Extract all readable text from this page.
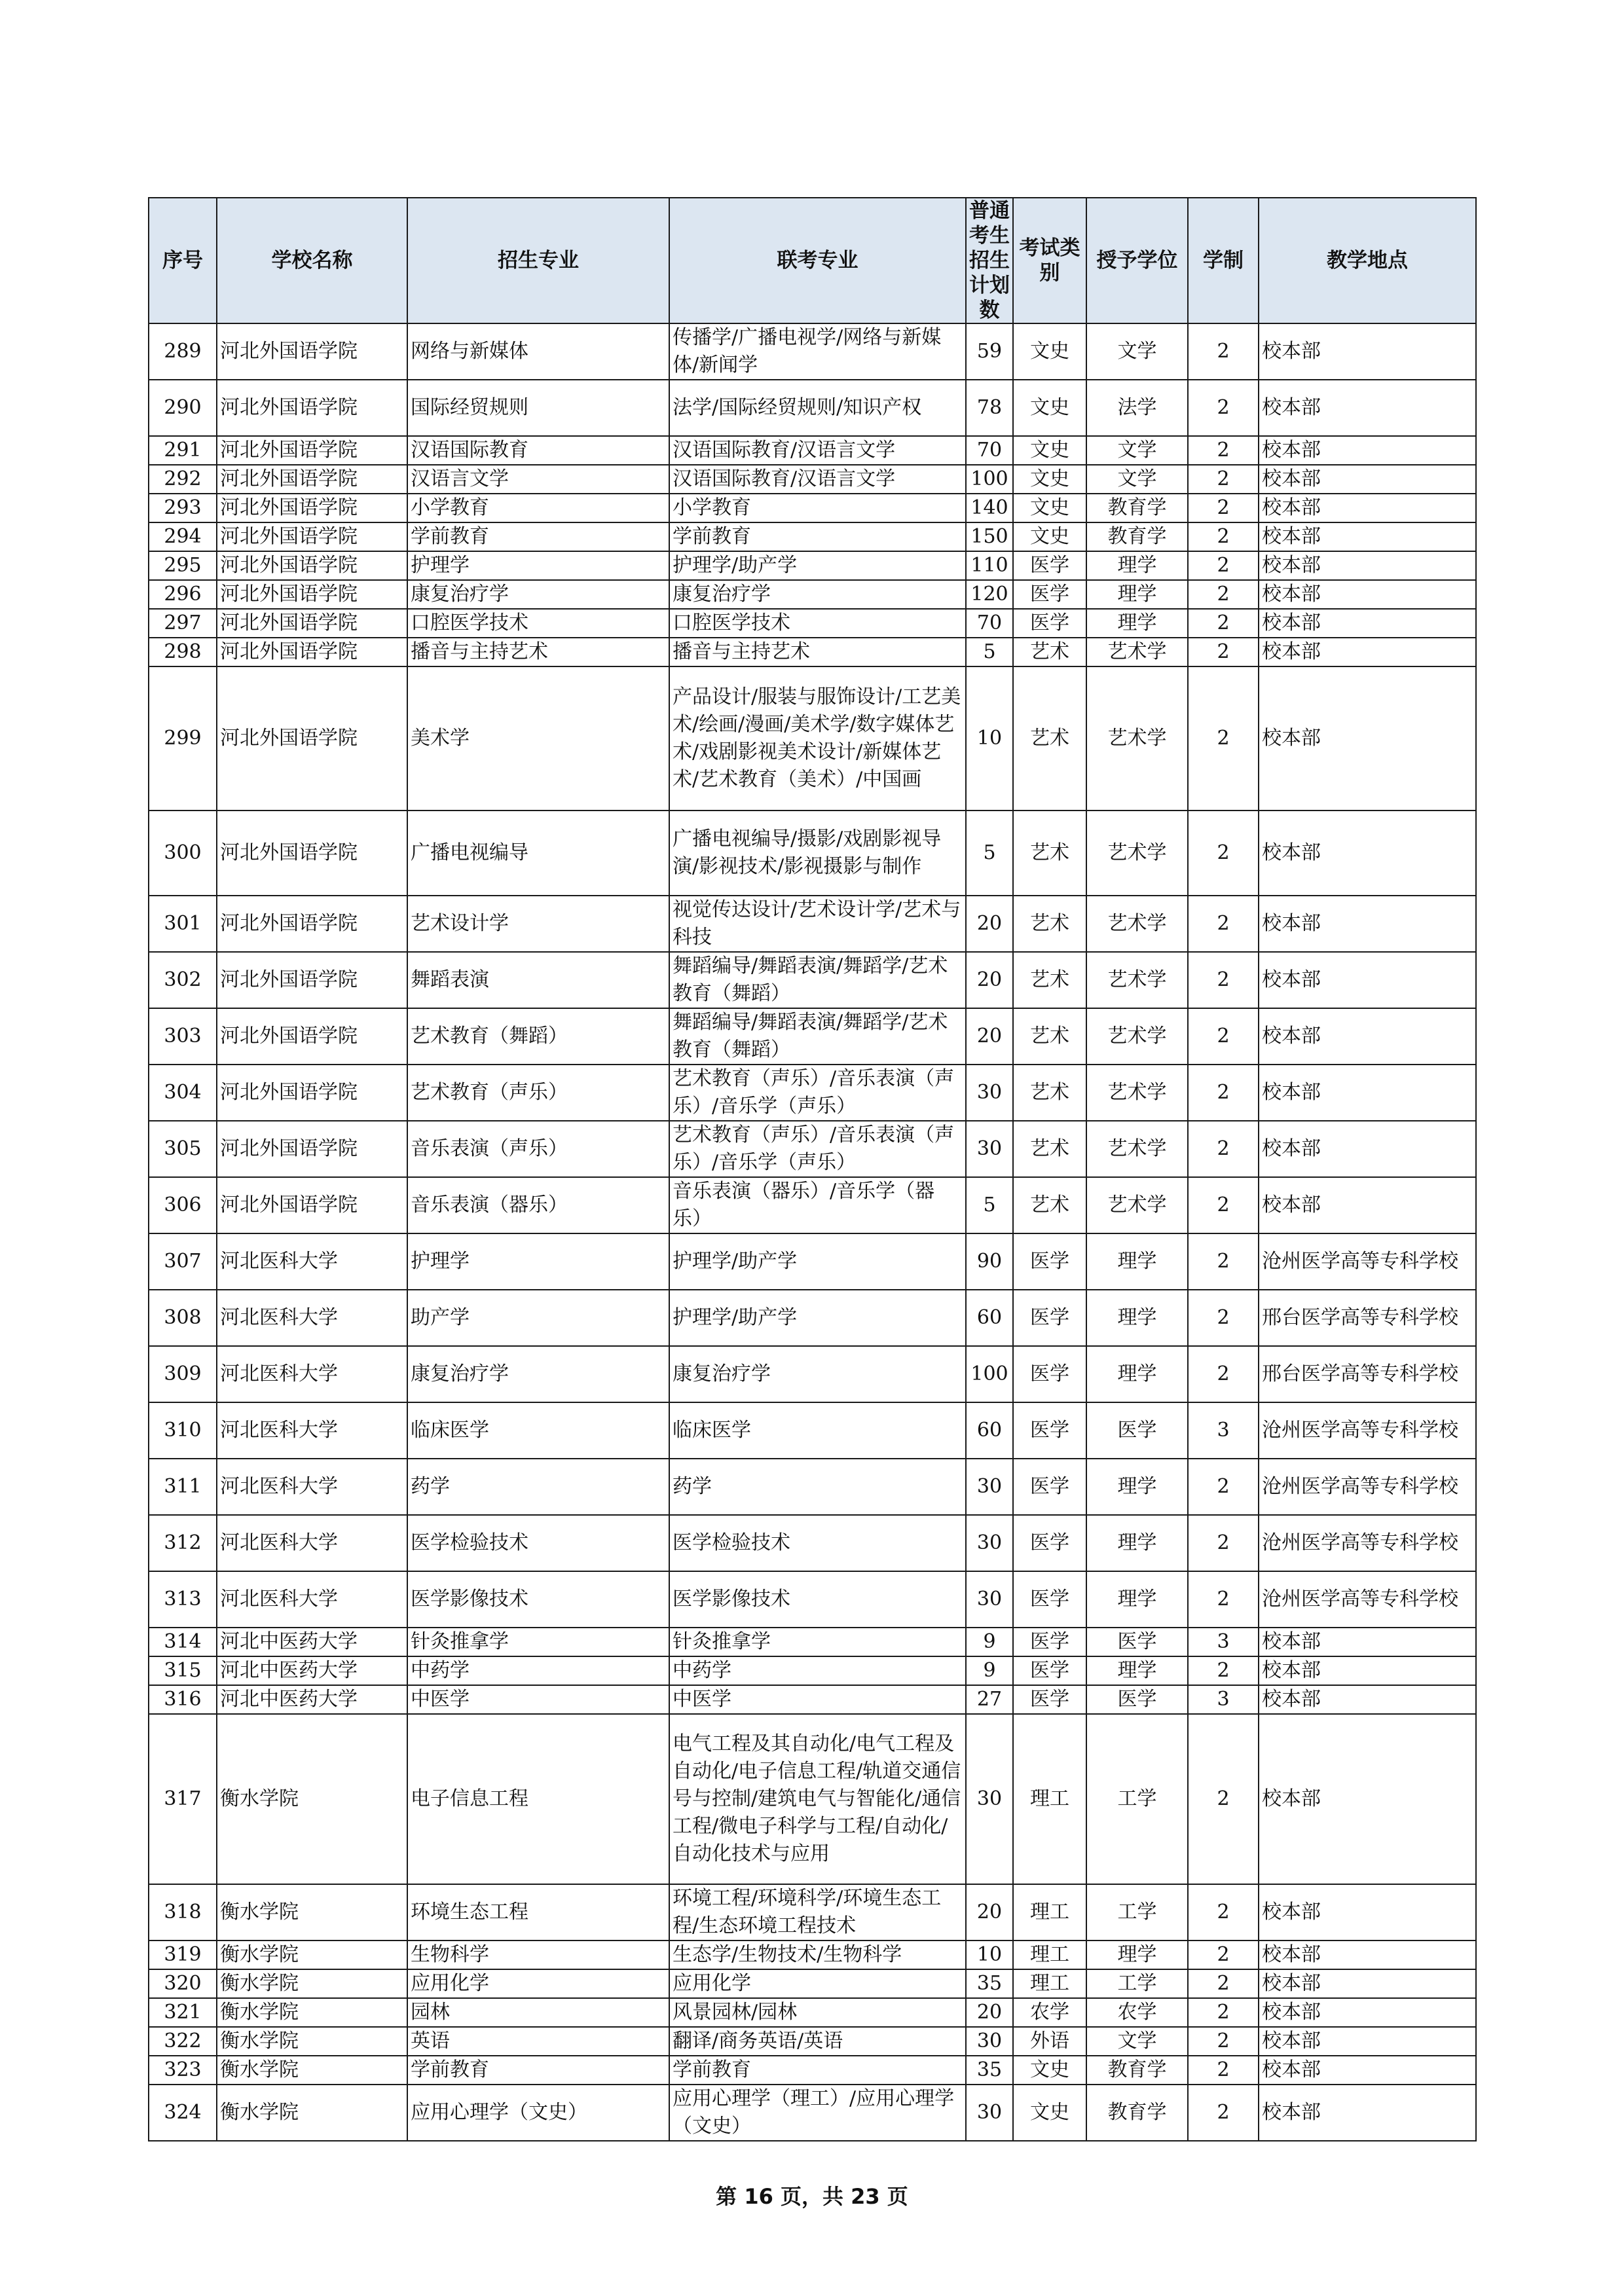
序号	学校名称	招生专业	联考专业	普通考生招生计划数	考试类别	授予学位	学制	教学地点
289	河北外国语学院	网络与新媒体	传播学/广播电视学/网络与新媒体/新闻学	59	文史	文学	2	校本部
290	河北外国语学院	国际经贸规则	法学/国际经贸规则/知识产权	78	文史	法学	2	校本部
291	河北外国语学院	汉语国际教育	汉语国际教育/汉语言文学	70	文史	文学	2	校本部
292	河北外国语学院	汉语言文学	汉语国际教育/汉语言文学	100	文史	文学	2	校本部
293	河北外国语学院	小学教育	小学教育	140	文史	教育学	2	校本部
294	河北外国语学院	学前教育	学前教育	150	文史	教育学	2	校本部
295	河北外国语学院	护理学	护理学/助产学	110	医学	理学	2	校本部
296	河北外国语学院	康复治疗学	康复治疗学	120	医学	理学	2	校本部
297	河北外国语学院	口腔医学技术	口腔医学技术	70	医学	理学	2	校本部
298	河北外国语学院	播音与主持艺术	播音与主持艺术	5	艺术	艺术学	2	校本部
299	河北外国语学院	美术学	产品设计/服装与服饰设计/工艺美术/绘画/漫画/美术学/数字媒体艺术/戏剧影视美术设计/新媒体艺术/艺术教育（美术）/中国画	10	艺术	艺术学	2	校本部
300	河北外国语学院	广播电视编导	广播电视编导/摄影/戏剧影视导演/影视技术/影视摄影与制作	5	艺术	艺术学	2	校本部
301	河北外国语学院	艺术设计学	视觉传达设计/艺术设计学/艺术与科技	20	艺术	艺术学	2	校本部
302	河北外国语学院	舞蹈表演	舞蹈编导/舞蹈表演/舞蹈学/艺术教育（舞蹈）	20	艺术	艺术学	2	校本部
303	河北外国语学院	艺术教育（舞蹈）	舞蹈编导/舞蹈表演/舞蹈学/艺术教育（舞蹈）	20	艺术	艺术学	2	校本部
304	河北外国语学院	艺术教育（声乐）	艺术教育（声乐）/音乐表演（声乐）/音乐学（声乐）	30	艺术	艺术学	2	校本部
305	河北外国语学院	音乐表演（声乐）	艺术教育（声乐）/音乐表演（声乐）/音乐学（声乐）	30	艺术	艺术学	2	校本部
306	河北外国语学院	音乐表演（器乐）	音乐表演（器乐）/音乐学（器乐）	5	艺术	艺术学	2	校本部
307	河北医科大学	护理学	护理学/助产学	90	医学	理学	2	沧州医学高等专科学校
308	河北医科大学	助产学	护理学/助产学	60	医学	理学	2	邢台医学高等专科学校
309	河北医科大学	康复治疗学	康复治疗学	100	医学	理学	2	邢台医学高等专科学校
310	河北医科大学	临床医学	临床医学	60	医学	医学	3	沧州医学高等专科学校
311	河北医科大学	药学	药学	30	医学	理学	2	沧州医学高等专科学校
312	河北医科大学	医学检验技术	医学检验技术	30	医学	理学	2	沧州医学高等专科学校
313	河北医科大学	医学影像技术	医学影像技术	30	医学	理学	2	沧州医学高等专科学校
314	河北中医药大学	针灸推拿学	针灸推拿学	9	医学	医学	3	校本部
315	河北中医药大学	中药学	中药学	9	医学	理学	2	校本部
316	河北中医药大学	中医学	中医学	27	医学	医学	3	校本部
317	衡水学院	电子信息工程	电气工程及其自动化/电气工程及自动化/电子信息工程/轨道交通信号与控制/建筑电气与智能化/通信工程/微电子科学与工程/自动化/自动化技术与应用	30	理工	工学	2	校本部
318	衡水学院	环境生态工程	环境工程/环境科学/环境生态工程/生态环境工程技术	20	理工	工学	2	校本部
319	衡水学院	生物科学	生态学/生物技术/生物科学	10	理工	理学	2	校本部
320	衡水学院	应用化学	应用化学	35	理工	工学	2	校本部
321	衡水学院	园林	风景园林/园林	20	农学	农学	2	校本部
322	衡水学院	英语	翻译/商务英语/英语	30	外语	文学	2	校本部
323	衡水学院	学前教育	学前教育	35	文史	教育学	2	校本部
324	衡水学院	应用心理学（文史）	应用心理学（理工）/应用心理学（文史）	30	文史	教育学	2	校本部
第 16 页，共 23 页
